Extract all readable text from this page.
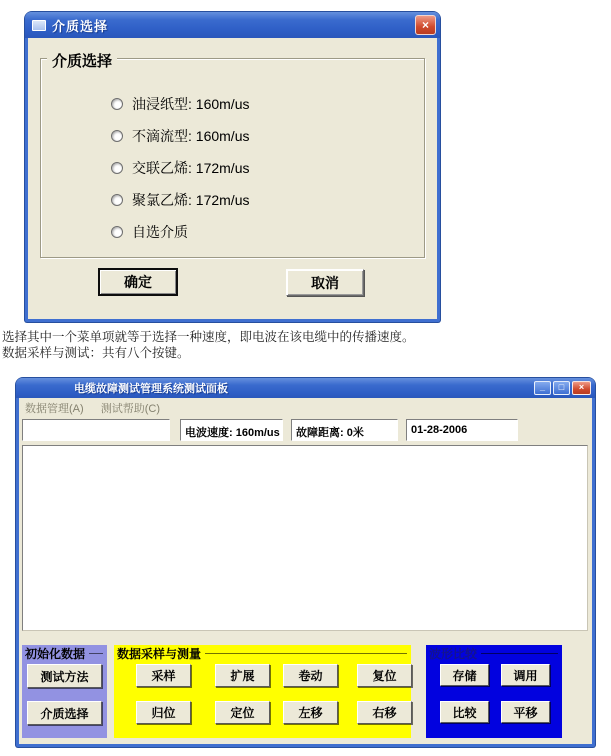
介质选择	×
介质选择
油浸纸型: 160m/us
不滴流型: 160m/us
交联乙烯: 172m/us
聚氯乙烯: 172m/us
自选介质
确定	取消
选择其中一个菜单项就等于选择一种速度，即电波在该电缆中的传播速度。
数据采样与测试：共有八个按键。
电缆故障测试管理系统测试面板	_	□	×
数据管理(A) 测试帮助(C)
电波速度: 160m/us	故障距离: 0米	01-28-2006
初始化数据
测试方法
介质选择
数据采样与测量
采样	扩展	卷动	复位
归位	定位	左移	右移
波形比较
存储	调用
比较	平移
